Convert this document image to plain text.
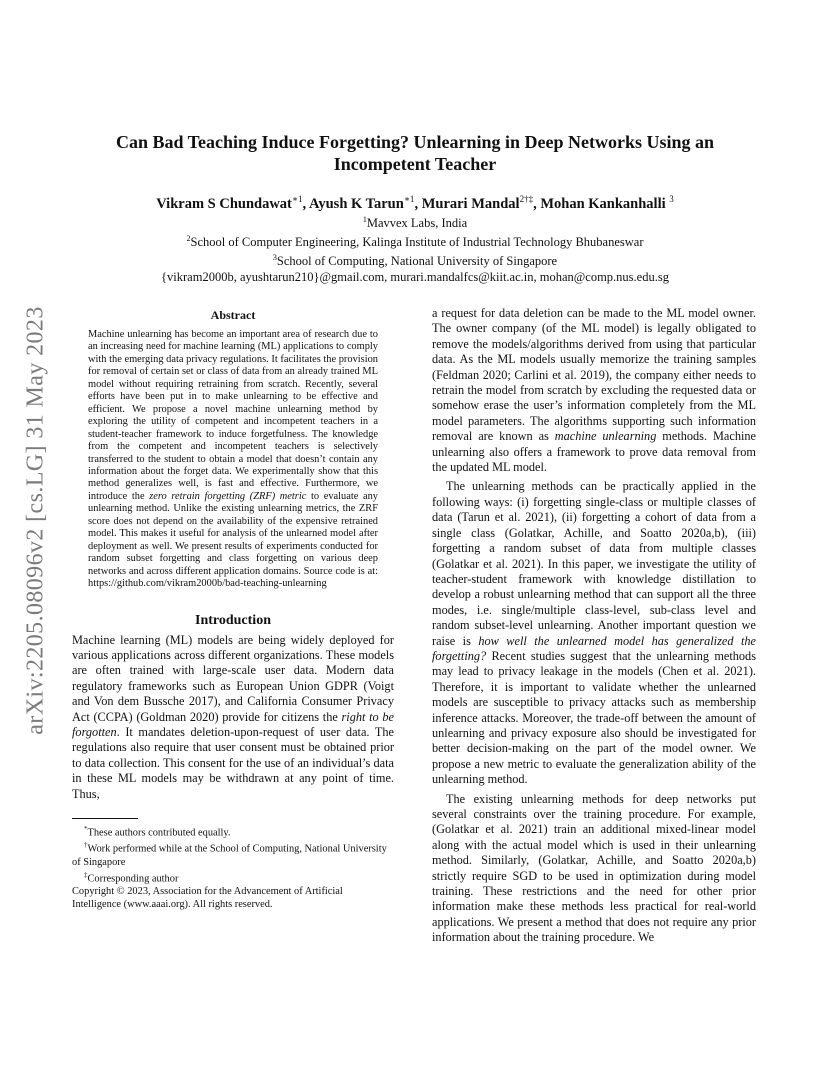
arXiv:2205.08096v2 [cs.LG] 31 May 2023
Can Bad Teaching Induce Forgetting? Unlearning in Deep Networks Using an Incompetent Teacher
Vikram S Chundawat$^{∗1}$, Ayush K Tarun$^{∗1}$, Murari Mandal$^{2\dagger\ddagger}$, Mohan Kankanhalli $^3$
$^1$Mavvex Labs, India
$^2$School of Computer Engineering, Kalinga Institute of Industrial Technology Bhubaneswar
$^3$School of Computing, National University of Singapore
{vikram2000b, ayushtarun210}@gmail.com, murari.mandalfcs@kiit.ac.in, mohan@comp.nus.edu.sg
Abstract

Machine unlearning has become an important area of research due to an increasing need for machine learning (ML) applications to comply with the emerging data privacy regulations. It facilitates the provision for removal of certain set or class of data from an already trained ML model without requiring retraining from scratch. Recently, several efforts have been put in to make unlearning to be effective and efficient. We propose a novel machine unlearning method by exploring the utility of competent and incompetent teachers in a student-teacher framework to induce forgetfulness. The knowledge from the competent and incompetent teachers is selectively transferred to the student to obtain a model that doesn’t contain any information about the forget data. We experimentally show that this method generalizes well, is fast and effective. Furthermore, we introduce the zero retrain forgetting (ZRF) metric to evaluate any unlearning method. Unlike the existing unlearning metrics, the ZRF score does not depend on the availability of the expensive retrained model. This makes it useful for analysis of the unlearned model after deployment as well. We present results of experiments conducted for random subset forgetting and class forgetting on various deep networks and across different application domains. Source code is at: https://github.com/vikram2000b/bad-teaching-unlearning

Introduction

Machine learning (ML) models are being widely deployed for various applications across different organizations. These models are often trained with large-scale user data. Modern data regulatory frameworks such as European Union GDPR (Voigt and Von dem Bussche 2017), and California Consumer Privacy Act (CCPA) (Goldman 2020) provide for citizens the right to be forgotten. It mandates deletion-upon-request of user data. The regulations also require that user consent must be obtained prior to data collection. This consent for the use of an individual’s data in these ML models may be withdrawn at any point of time. Thus,

*These authors contributed equally.

†Work performed while at the School of Computing, National University of Singapore

‡Corresponding author

Copyright © 2023, Association for the Advancement of Artificial Intelligence (www.aaai.org). All rights reserved.

a request for data deletion can be made to the ML model owner. The owner company (of the ML model) is legally obligated to remove the models/algorithms derived from using that particular data. As the ML models usually memorize the training samples (Feldman 2020; Carlini et al. 2019), the company either needs to retrain the model from scratch by excluding the requested data or somehow erase the user’s information completely from the ML model parameters. The algorithms supporting such information removal are known as machine unlearning methods. Machine unlearning also offers a framework to prove data removal from the updated ML model.

The unlearning methods can be practically applied in the following ways: (i) forgetting single-class or multiple classes of data (Tarun et al. 2021), (ii) forgetting a cohort of data from a single class (Golatkar, Achille, and Soatto 2020a,b), (iii) forgetting a random subset of data from multiple classes (Golatkar et al. 2021). In this paper, we investigate the utility of teacher-student framework with knowledge distillation to develop a robust unlearning method that can support all the three modes, i.e. single/multiple class-level, sub-class level and random subset-level unlearning. Another important question we raise is how well the unlearned model has generalized the forgetting? Recent studies suggest that the unlearning methods may lead to privacy leakage in the models (Chen et al. 2021). Therefore, it is important to validate whether the unlearned models are susceptible to privacy attacks such as membership inference attacks. Moreover, the trade-off between the amount of unlearning and privacy exposure also should be investigated for better decision-making on the part of the model owner. We propose a new metric to evaluate the generalization ability of the unlearning method.

The existing unlearning methods for deep networks put several constraints over the training procedure. For example, (Golatkar et al. 2021) train an additional mixed-linear model along with the actual model which is used in their unlearning method. Similarly, (Golatkar, Achille, and Soatto 2020a,b) strictly require SGD to be used in optimization during model training. These restrictions and the need for other prior information make these methods less practical for real-world applications. We present a method that does not require any prior information about the training procedure. We
